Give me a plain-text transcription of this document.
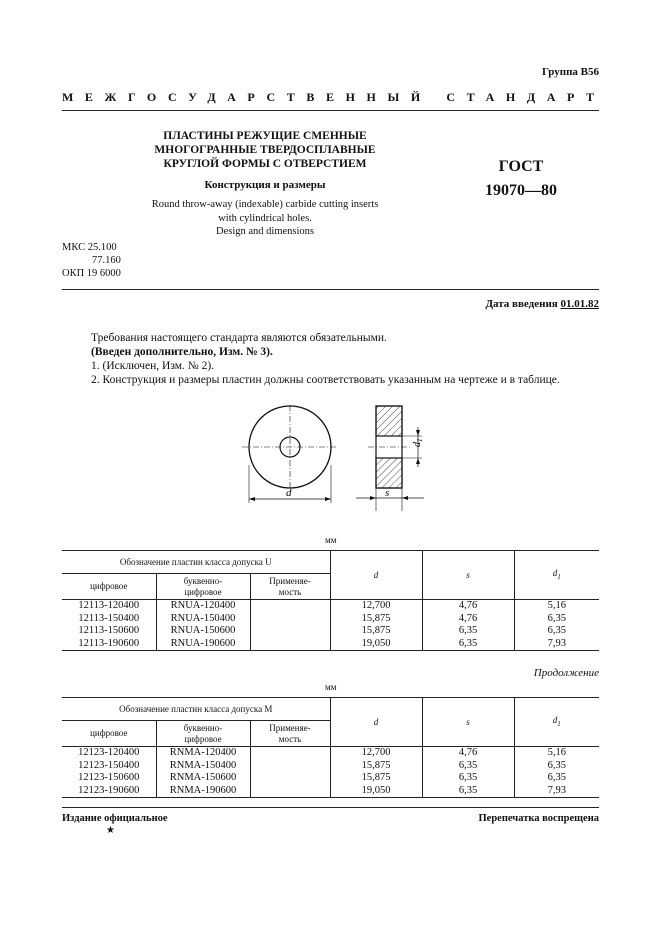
Группа В56
МЕЖГОСУДАРСТВЕННЫЙ СТАНДАРТ
ПЛАСТИНЫ РЕЖУЩИЕ СМЕННЫЕ
МНОГОГРАННЫЕ ТВЕРДОСПЛАВНЫЕ
КРУГЛОЙ ФОРМЫ С ОТВЕРСТИЕМ
Конструкция и размеры
Round throw-away (indexable) carbide cutting inserts
with cylindrical holes.
Design and dimensions
ГОСТ
19070—80
МКС 25.100
77.160
ОКП 19 6000
Дата введения 01.01.82
Требования настоящего стандарта являются обязательными.
(Введен дополнительно, Изм. № 3).
1. (Исключен, Изм. № 2).
2. Конструкция и размеры пластин должны соответствовать указанным на чертеже и в таблице.
d
$d_1$
s
мм
Обозначение пластин класса допуска U			d	s	$d_1$
цифровое	буквенно-
цифровое	Применяе-
мость			
12113-120400	RNUA-120400		12,700	4,76	5,16
12113-150400	RNUA-150400		15,875	4,76	6,35
12113-150600	RNUA-150600		15,875	6,35	6,35
12113-190600	RNUA-190600		19,050	6,35	7,93
Продолжение
мм
Обозначение пластин класса допуска М			d	s	$d_1$
цифровое	буквенно-
цифровое	Применяе-
мость			
12123-120400	RNMA-120400		12,700	4,76	5,16
12123-150400	RNMA-150400		15,875	6,35	6,35
12123-150600	RNMA-150600		15,875	6,35	6,35
12123-190600	RNMA-190600		19,050	6,35	7,93
Издание официальное	Перепечатка воспрещена
★
